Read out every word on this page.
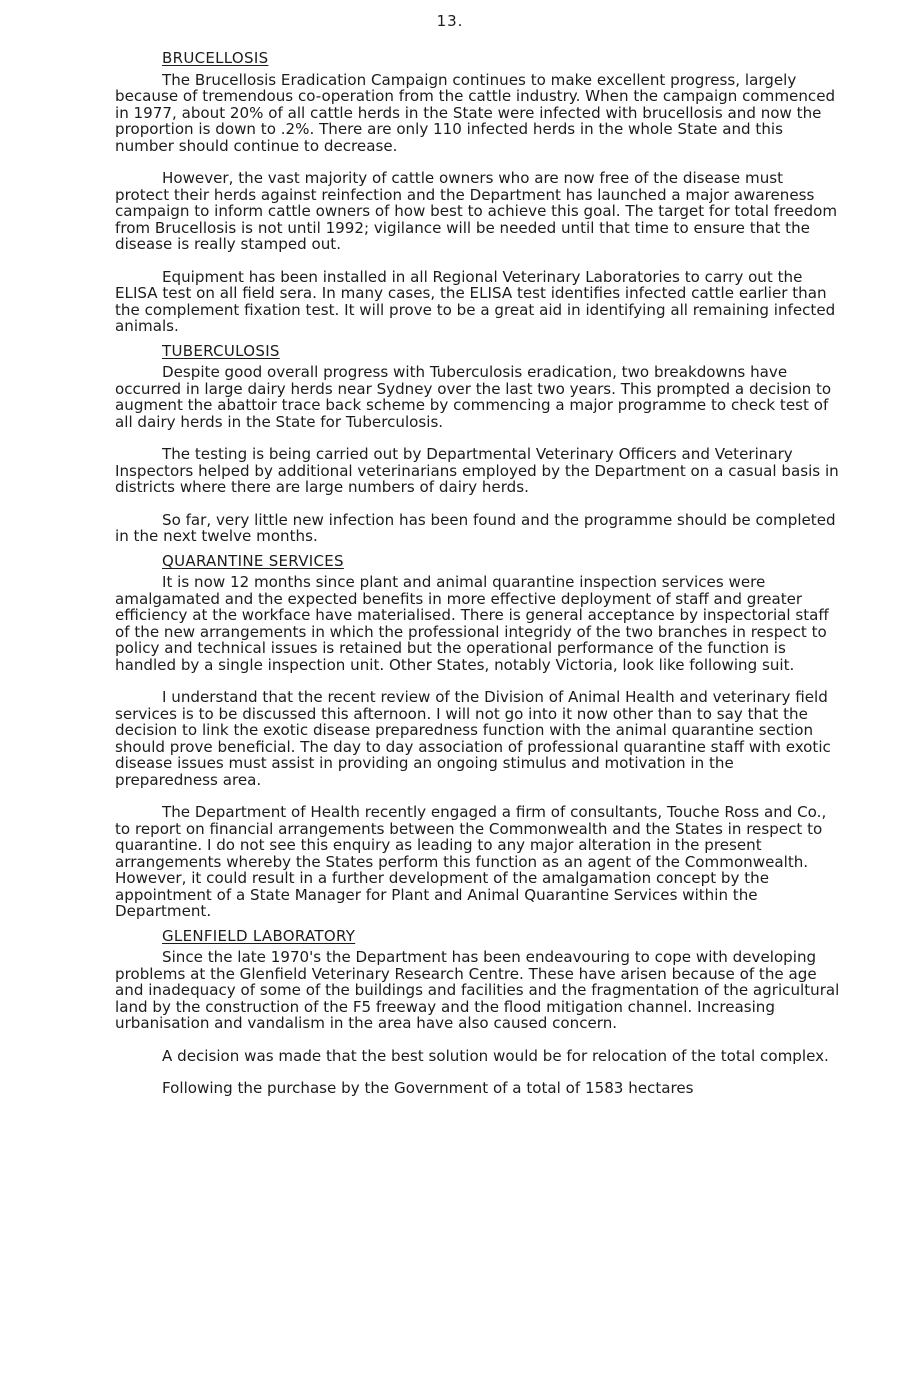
13.
BRUCELLOSIS

The Brucellosis Eradication Campaign continues to make excellent progress, largely because of tremendous co-operation from the cattle industry. When the campaign commenced in 1977, about 20% of all cattle herds in the State were infected with brucellosis and now the proportion is down to .2%. There are only 110 infected herds in the whole State and this number should continue to decrease.

However, the vast majority of cattle owners who are now free of the disease must protect their herds against reinfection and the Department has launched a major awareness campaign to inform cattle owners of how best to achieve this goal. The target for total freedom from Brucellosis is not until 1992; vigilance will be needed until that time to ensure that the disease is really stamped out.

Equipment has been installed in all Regional Veterinary Laboratories to carry out the ELISA test on all field sera. In many cases, the ELISA test identifies infected cattle earlier than the complement fixation test. It will prove to be a great aid in identifying all remaining infected animals.

TUBERCULOSIS

Despite good overall progress with Tuberculosis eradication, two breakdowns have occurred in large dairy herds near Sydney over the last two years. This prompted a decision to augment the abattoir trace back scheme by commencing a major programme to check test of all dairy herds in the State for Tuberculosis.

The testing is being carried out by Departmental Veterinary Officers and Veterinary Inspectors helped by additional veterinarians employed by the Department on a casual basis in districts where there are large numbers of dairy herds.

So far, very little new infection has been found and the programme should be completed in the next twelve months.

QUARANTINE SERVICES

It is now 12 months since plant and animal quarantine inspection services were amalgamated and the expected benefits in more effective deployment of staff and greater efficiency at the workface have materialised. There is general acceptance by inspectorial staff of the new arrangements in which the professional integridy of the two branches in respect to policy and technical issues is retained but the operational performance of the function is handled by a single inspection unit. Other States, notably Victoria, look like following suit.

I understand that the recent review of the Division of Animal Health and veterinary field services is to be discussed this afternoon. I will not go into it now other than to say that the decision to link the exotic disease preparedness function with the animal quarantine section should prove beneficial. The day to day association of professional quarantine staff with exotic disease issues must assist in providing an ongoing stimulus and motivation in the preparedness area.

The Department of Health recently engaged a firm of consultants, Touche Ross and Co., to report on financial arrangements between the Commonwealth and the States in respect to quarantine. I do not see this enquiry as leading to any major alteration in the present arrangements whereby the States perform this function as an agent of the Commonwealth. However, it could result in a further development of the amalgamation concept by the appointment of a State Manager for Plant and Animal Quarantine Services within the Department.

GLENFIELD LABORATORY

Since the late 1970's the Department has been endeavouring to cope with developing problems at the Glenfield Veterinary Research Centre. These have arisen because of the age and inadequacy of some of the buildings and facilities and the fragmentation of the agricultural land by the construction of the F5 freeway and the flood mitigation channel. Increasing urbanisation and vandalism in the area have also caused concern.

A decision was made that the best solution would be for relocation of the total complex.

Following the purchase by the Government of a total of 1583 hectares
